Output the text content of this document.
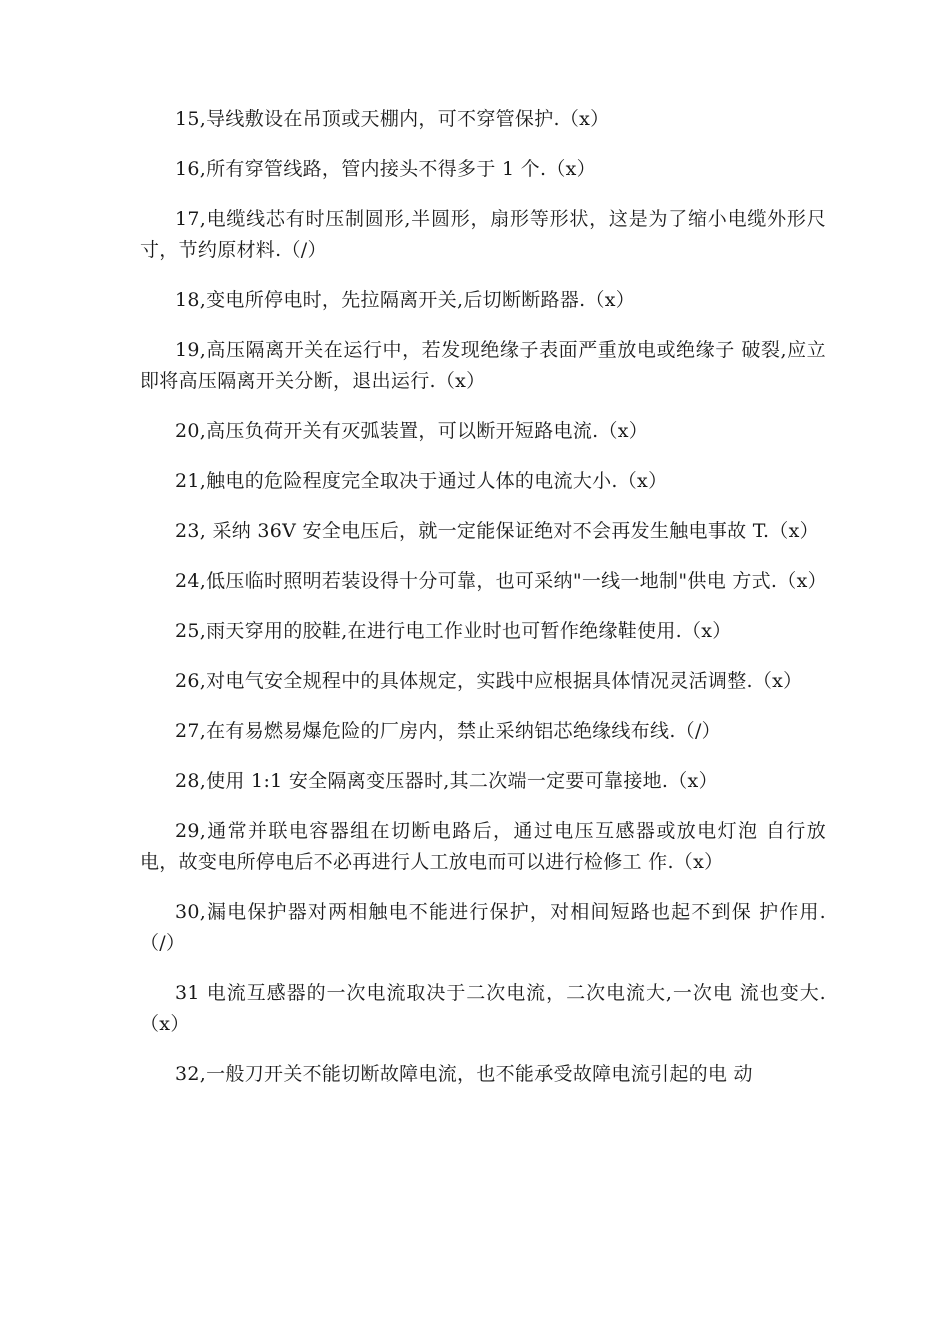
15,导线敷设在吊顶或天棚内，可不穿管保护.（x）

16,所有穿管线路，管内接头不得多于 1 个.（x）

17,电缆线芯有时压制圆形,半圆形，扇形等形状，这是为了缩小电缆外形尺寸，节约原材料.（/）

18,变电所停电时，先拉隔离开关,后切断断路器.（x）

19,高压隔离开关在运行中，若发现绝缘子表面严重放电或绝缘子 破裂,应立即将高压隔离开关分断，退出运行.（x）

20,高压负荷开关有灭弧装置，可以断开短路电流.（x）

21,触电的危险程度完全取决于通过人体的电流大小.（x）

23, 采纳 36V 安全电压后，就一定能保证绝对不会再发生触电事故 T.（x）

24,低压临时照明若装设得十分可靠，也可采纳"一线一地制"供电 方式.（x）

25,雨天穿用的胶鞋,在进行电工作业时也可暂作绝缘鞋使用.（x）

26,对电气安全规程中的具体规定，实践中应根据具体情况灵活调整.（x）

27,在有易燃易爆危险的厂房内，禁止采纳铝芯绝缘线布线.（/）

28,使用 1:1 安全隔离变压器时,其二次端一定要可靠接地.（x）

29,通常并联电容器组在切断电路后，通过电压互感器或放电灯泡 自行放电，故变电所停电后不必再进行人工放电而可以进行检修工 作.（x）

30,漏电保护器对两相触电不能进行保护，对相间短路也起不到保 护作用.（/）

31 电流互感器的一次电流取决于二次电流，二次电流大,一次电 流也变大.（x）

32,一般刀开关不能切断故障电流，也不能承受故障电流引起的电 动
